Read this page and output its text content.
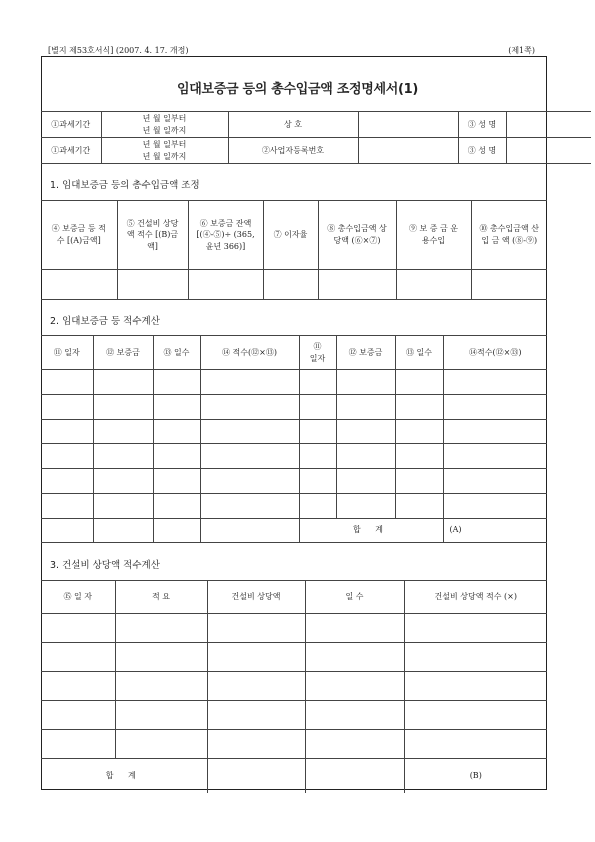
[별지 제53호서식] (2007. 4. 17. 개정)	(제1쪽)
임대보증금 등의 총수입금액 조정명세서(1)
①과세기간	년 월 일부터
년 월 일까지	상 호		③ 성 명	
①과세기간	년 월 일부터
년 월 일까지	②사업자등록번호		③ 성 명	
1. 임대보증금 등의 총수입금액 조정
④ 보증금 등 적수 [(A)금액]	⑤ 건설비 상당액 적수 [(B)금액]	⑥ 보증금 잔액 [(④-⑤)÷ (365, 윤년 366)]	⑦ 이자율	⑧ 총수입금액 상당액 (⑥×⑦)	⑨ 보 증 금 운용수입	⑩ 총수입금액 산 입 금 액 (⑧-⑨)

2. 임대보증금 등 적수계산
⑪ 일자	⑫ 보증금	⑬ 일수	⑭ 적수(⑫×⑬)	⑪ 일자	⑫ 보증금	⑬ 일수	⑭적수(⑫×⑬)

				합 계			(A)
3. 건설비 상당액 적수계산
⑮ 일 자	적 요	건설비 상당액	일 수	건설비 상당액 적수 (×)

합 계				(B)
